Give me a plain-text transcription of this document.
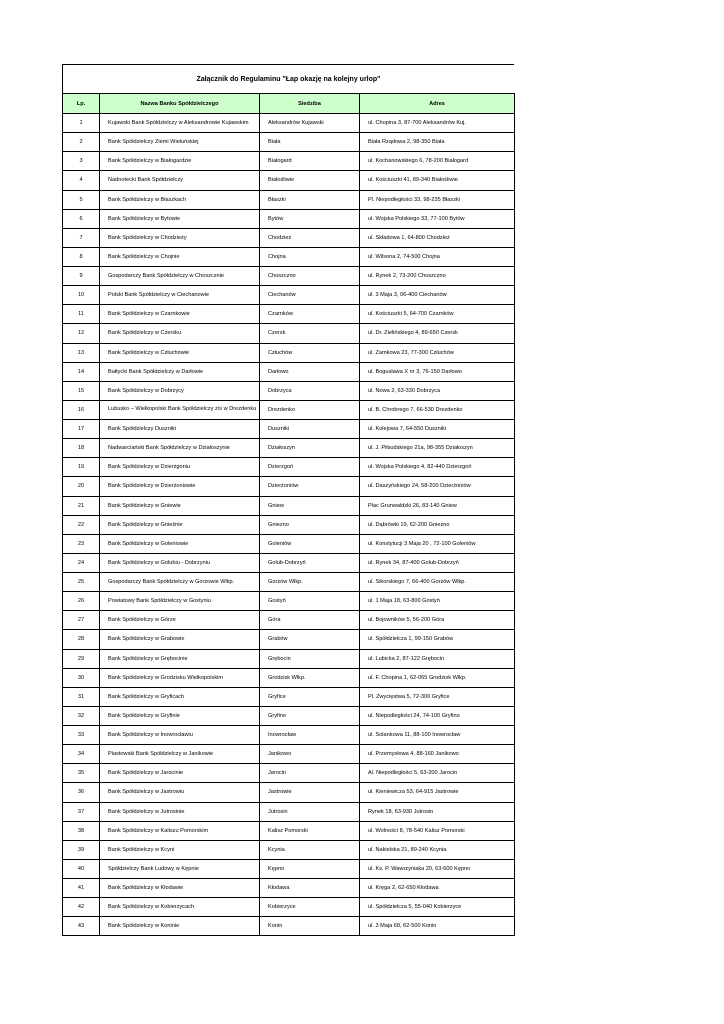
Załącznik do Regulaminu "Łap okazję na kolejny urlop"
Lp.	Nazwa Banku Spółdzielczego	Siedziba	Adres
1	Kujawski Bank Spółdzielczy w Aleksandrowie Kujawskim	Aleksandrów Kujawski	ul. Chopina 3, 87-700 Aleksandrów Kuj.
2	Bank Spółdzielczy Ziemi Wieluńskiej	Biała	Biała Rządowa 2, 98-350 Biała
3	Bank Spółdzielczy w Białogardzie	Białogard	ul. Kochanowskiego 6, 78-200 Białogard
4	Nadnotecki Bank Spółdzielczy	Białośliwie	ul. Kościuszki 41, 89-340 Białośliwie
5	Bank Spółdzielczy w Błaszkach	Błaszki	Pl. Niepodległości 33, 98-235 Błaszki
6	Bank Spółdzielczy w Bytowie	Bytów	ul. Wojska Polskiego 33, 77-100 Bytów
7	Bank Spółdzielczy w Chodzieży	Chodzież	ul. Składowa 1, 64-800 Chodzież
8	Bank Spółdzielczy w Chojnie	Chojna	ul. Wilsona 2, 74-500 Chojna
9	Gospodarczy Bank Spółdzielczy w Choszcznie	Choszczno	ul. Rynek 2, 73-200 Choszczno
10	Polski Bank Spółdzielczy w Ciechanowie	Ciechanów	ul. 3 Maja 3, 06-400 Ciechanów
11	Bank Spółdzielczy w Czarnkowie	Czarnków	ul. Kościuszki 5, 64-700 Czarnków
12	Bank Spółdzielczy w Czersku	Czersk	ul. Dr. Zielińskiego 4, 89-650 Czersk
13	Bank Spółdzielczy w Człuchowie	Człuchów	ul. Zamkowa 23, 77-300 Człuchów
14	Bałtycki Bank Spółdzielczy w Darłowie	Darłowo	ul. Bogusława X nr 3, 76-150 Darłowo
15	Bank Spółdzielczy w Dobrzycy	Dobrzyca	ul. Nowa 2, 63-330 Dobrzyca
16	Lubusko – Wielkopolski Bank Spółdzielczy z/s w Drezdenku	Drezdenko	ul. B. Chrobrego 7, 66-530 Drezdenko
17	Bank Spółdzielczy Duszniki	Duszniki	ul. Kolejowa 7, 64-550 Duszniki
18	Nadwarciański Bank Spółdzielczy w Działoszynie	Działoszyn	ul. J. Piłsudskiego 21a, 98-355 Działoszyn
19	Bank Spółdzielczy w Dzierzgoniu	Dzierzgoń	ul. Wojska Polskiego 4, 82-440 Dzierzgoń
20	Bank Spółdzielczy w Dzierżoniowie	Dzierżoniów	ul. Daszyńskiego 24, 58-200 Dzierżoniów
21	Bank Spółdzielczy w Gniewie	Gniew	Plac Grunwaldzki 26, 83-140 Gniew
22	Bank Spółdzielczy w Gnieźnie	Gniezno	ul. Dąbrówki 19, 62-200 Gniezno
23	Bank Spółdzielczy w Goleniowie	Goleniów	ul. Konstytucji 3 Maja 20 , 72-100 Goleniów
24	Bank Spółdzielczy w Golubiu - Dobrzyniu	Golub-Dobrzyń	ul. Rynek 34, 87-400 Golub-Dobrzyń
25	Gospodarczy Bank Spółdzielczy w Gorzowie Wlkp.	Gorzów Wlkp.	ul. Sikorskiego 7, 66-400 Gorzów Wlkp.
26	Powiatowy Bank Spółdzielczy w Gostyniu	Gostyń	ul. 1 Maja 18, 63-800 Gostyń
27	Bank Spółdzielczy w Górze	Góra	ul. Bojowników 5, 56-200 Góra
28	Bank Spółdzielczy w Grabowie	Grabów	ul. Spółdzielcza 1, 99-150 Grabów
29	Bank Spółdzielczy w Grębocinie	Grębocin	ul. Lubicka 2, 87-122 Grębocin
30	Bank Spółdzielczy w Grodzisku Wielkopolskim	Grodzisk Wlkp.	ul. F. Chopina 1, 62-065 Grodzisk Wlkp.
31	Bank Spółdzielczy w Gryficach	Gryfice	Pl. Zwycięstwa 5, 72-300 Gryfice
32	Bank Spółdzielczy w Gryfinie	Gryfino	ul. Niepodległości 24, 74-100 Gryfino
33	Bank Spółdzielczy w Inowrocławiu	Inowrocław	ul. Solankowa 11, 88-100 Inowrocław
34	Piastowski Bank Spółdzielczy w Janikowie	Janikowo	ul. Przemysłowa 4, 88-160 Janikowo
35	Bank Spółdzielczy w Jarocinie	Jarocin	Al. Niepodległości 5, 63-200 Jarocin
36	Bank Spółdzielczy w Jastrowiu	Jastrowie	ul. Kieniewicza 53, 64-915 Jastrowie
37	Bank Spółdzielczy w Jutrosinie	Jutrosin	Rynek 18, 63-930 Jutrosin
38	Bank Spółdzielczy w Kaliszu Pomorskim	Kalisz Pomorski	ul. Wolności 8, 78-540 Kalisz Pomorski
39	Bank Spółdzielczy w Kcyni	Kcynia	ul. Nakielska 21, 89-240 Kcynia
40	Spółdzielczy Bank Ludowy w Kępnie	Kępno	ul. Ks. P. Wawrzyniaka 20, 63-600 Kępno
41	Bank Spółdzielczy w Kłodawie	Kłodawa	ul. Kręga 2, 62-650 Kłodawa
42	Bank Spółdzielczy w Kobierzycach	Kobierzyce	ul. Spółdzielcza 5, 55-040 Kobierzyce
43	Bank Spółdzielczy w Koninie	Konin	ul. 3 Maja 68, 62-500 Konin
